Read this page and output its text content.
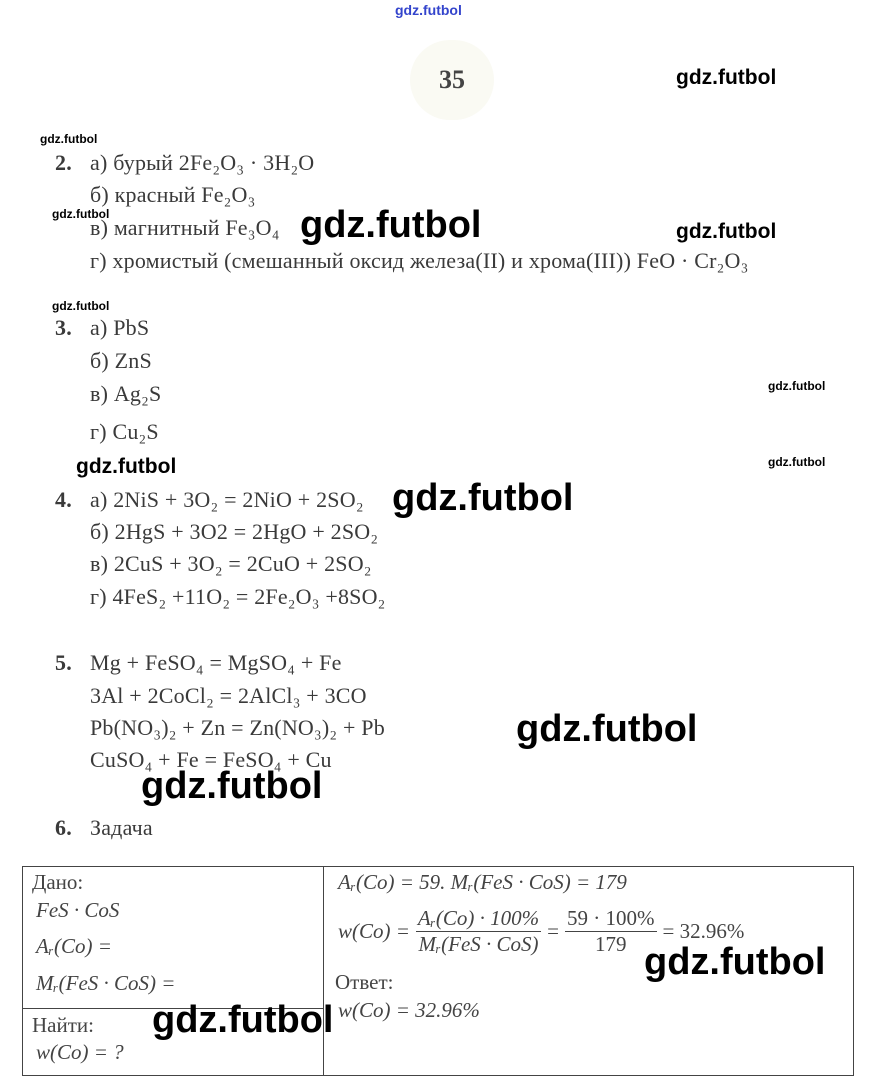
gdz.futbol
35	gdz.futbol
gdz.futbol
gdz.futbol	gdz.futbol	gdz.futbol
gdz.futbol
gdz.futbol
gdz.futbol	gdz.futbol
gdz.futbol
gdz.futbol
gdz.futbol
2. а) бурый 2Fe₂O₃ · 3H₂O
б) красный Fe₂O₃
в) магнитный Fe₃O₄
г) хромистый (смешанный оксид железа(II) и хрома(III)) FeO · Cr₂O₃
3. а) PbS
б) ZnS
в) Ag₂S
г) Cu₂S
4. а) 2NiS + 3O₂ = 2NiO + 2SO₂
б) 2HgS + 3O2 = 2HgO + 2SO₂
в) 2CuS + 3O₂ = 2CuO + 2SO₂
г) 4FeS₂ +11O₂ = 2Fe₂O₃ +8SO₂
5. Mg + FeSO₄ = MgSO₄ + Fe
3Al + 2CoCl₂ = 2AlCl₃ + 3CO
Pb(NO₃)₂ + Zn = Zn(NO₃)₂ + Pb
CuSO₄ + Fe = FeSO₄ + Cu
6. Задача
Дано:
FeS · CoS
Aᵣ(Co) =
Mᵣ(FeS · CoS) =
Найти:
w(Co) = ?
Aᵣ(Co) = 59. Mᵣ(FeS · CoS) = 179
$w(Co) = \frac{\text{Aᵣ(Co) · 100\%}}{\text{Mᵣ(FeS · CoS)}} = \frac{59 \cdot 100\%}{179} = 32.96\%$
Ответ:
w(Co) = 32.96%
gdz.futbol
gdz.futbol
